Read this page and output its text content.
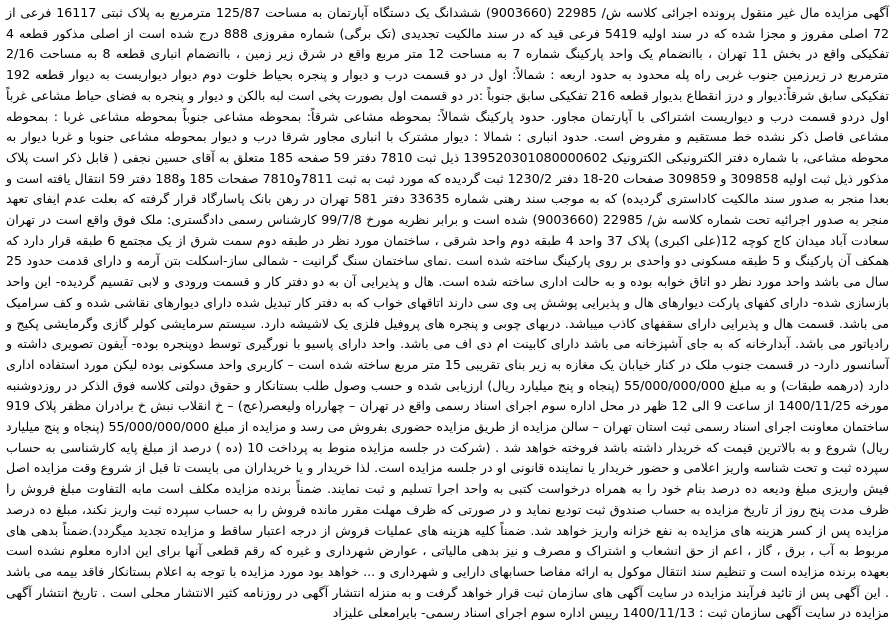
آگهی مزایده مال غیر منقول پرونده اجرائی کلاسه ش/ 22985 (9003660) ششدانگ یک دستگاه آپارتمان به مساحت 125/87 مترمربع به پلاک ثبتی 16117 فرعی از 72 اصلی مفروز و مجزا شده که در سند اولیه 5419 فرعی قید که در سند مالکیت تجدیدی (تک برگی) شماره مفروزی 888 درج شده است از اصلی مذکور قطعه 4 تفکیکی واقع در بخش 11 تهران ، باانضمام یک واحد پارکینگ شماره 7 به مساحت 12 متر مربع واقع در شرق زیر زمین ، باانضمام انباری قطعه 8 به مساحت 2/16 مترمربع در زیرزمین جنوب غربی راه پله محدود به حدود اربعه : شمالاً: اول در دو قسمت درب و دیوار و پنجره بحیاط خلوت دوم دیوار دیواریست به دیوار قطعه 192 تفکیکی سابق شرقاً:دیوار و درز انقطاع بدیوار قطعه 216 تفکیکی سابق جنوباً :در دو قسمت اول بصورت پخی است لبه بالکن و دیوار و پنجره به فضای حیاط مشاعی غرباً اول دردو قسمت درب و دیواریست اشتراکی با آپارتمان مجاور. حدود پارکینگ شمالاً: بمحوطه مشاعی شرقاً: بمحوطه مشاعی جنوباً بمحوطه مشاعی غربا : بمحوطه مشاعی فاصل ذکر نشده خط مستقیم و مفروض است. حدود انباری : شمالا : دیوار مشترک با انباری مجاور شرقا درب و دیوار بمحوطه مشاعی جنوبا و غربا دیوار به محوطه مشاعی، با شماره دفتر الکترونیکی الکترونیک 139520301080000602 ذیل ثبت 7810 دفتر 59 صفحه 185 متعلق به آقای حسین نجفی ( قابل ذکر است پلاک مذکور ذیل ثبت اولیه 309858 و 309859 صفحات 20-18 دفتر 1230/2 ثبت گردیده که مورد ثبت به ثبت 7811و7810 صفحات 185 و188 دفتر 59 انتقال یافته است و بعدا منجر به صدور سند مالکیت کاداستری گردیده) که به موجب سند رهنی شماره 33635 دفتر 581 تهران در رهن بانک پاسارگاد قرار گرفته که بعلت عدم ایفای تعهد منجر به صدور اجرائیه تحت شماره کلاسه ش/ 22985 (9003660) شده است و برابر نظریه مورخ 99/7/8 کارشناس رسمی دادگستری: ملک فوق واقع است در تهران سعادت آباد میدان کاج کوچه 12(علی اکبری) پلاک 37 واحد 4 طبقه دوم واحد شرقی ، ساختمان مورد نظر در طبقه دوم سمت شرق از یک مجتمع 6 طبقه قرار دارد که همکف آن پارکینگ و 5 طبقه مسکونی دو واحدی بر روی پارکینگ ساخته شده است .نمای ساختمان سنگ گرانیت - شمالی ساز-اسکلت بتن آرمه و دارای قدمت حدود 25 سال می باشد واحد مورد نظر دو اتاق خوابه بوده و به حالت اداری ساخته شده است. هال و پذیرایی آن به دو دفتر کار و قسمت ورودی و لابی تقسیم گردیده- این واحد بازسازی شده- دارای کفهای پارکت دیوارهای هال و پذیرایی پوشش پی وی سی دارند اتاقهای خواب که به دفتر کار تبدیل شده دارای دیوارهای نقاشی شده و کف سرامیک می باشد. قسمت هال و پذیرایی دارای سقفهای کاذب میباشد. دربهای چوبی و پنجره های پروفیل فلزی یک لاشیشه دارد. سیستم سرمایشی کولر گازی وگرمایشی پکیج و رادیاتور می باشد. آبدارخانه که به جای آشپزخانه می باشد دارای کابینت ام دی اف می باشد. واحد دارای پاسیو با نورگیری توسط دوپنجره بوده- آیفون تصویری داشته و آسانسور دارد- در قسمت جنوب ملک در کنار خیابان یک مغازه به زیر بنای تقریبی 15 متر مربع ساخته شده است – کاربری واحد مسکونی بوده لیکن مورد استفاده اداری دارد (درهمه طبقات) و به مبلغ 55/000/000/000 (پنجاه و پنج میلیارد ریال) ارزیابی شده و حسب وصول طلب بستانکار و حقوق دولتی کلاسه فوق الذکر در روزدوشنبه مورخه 1400/11/25 از ساعت 9 الی 12 ظهر در محل اداره سوم اجرای اسناد رسمی واقع در تهران – چهارراه ولیعصر(عج) – خ انقلاب نبش خ برادران مظفر پلاک 919 ساختمان معاونت اجرای اسناد رسمی ثبت استان تهران – سالن مزایده از طریق مزایده حضوری بفروش می رسد و مزایده از مبلغ 55/000/000/000 (پنجاه و پنج میلیارد ریال) شروع و به بالاترین قیمت که خریدار داشته باشد فروخته خواهد شد . (شرکت در جلسه مزایده منوط به پرداخت 10 (ده ) درصد از مبلغ پایه کارشناسی به حساب سپرده ثبت و تحت شناسه واریز اعلامی و حضور خریدار یا نماینده قانونی او در جلسه مزایده است. لذا خریدار و یا خریداران می بایست تا قبل از شروع وقت مزایده اصل فیش واریزی مبلغ ودیعه ده درصد بنام خود را به همراه درخواست کتبی به واحد اجرا تسلیم و ثبت نمایند. ضمناً برنده مزایده مکلف است مابه التفاوت مبلغ فروش را ظرف مدت پنج روز از تاریخ مزایده به حساب صندوق ثبت تودیع نماید و در صورتی که ظرف مهلت مقرر مانده فروش را به حساب سپرده ثبت واریز نکند، مبلغ ده درصد مزایده پس از کسر هزینه های مزایده به نفع خزانه واریز خواهد شد. ضمناً کلیه هزینه های عملیات فروش از درجه اعتبار ساقط و مزایده تجدید میگردد).ضمناً بدهی های مربوط به آب ، برق ، گاز ، اعم از حق انشعاب و اشتراک و مصرف و نیز بدهی مالیاتی ، عوارض شهرداری و غیره که رقم قطعی آنها برای این اداره معلوم نشده است بعهده برنده مزایده است و تنظیم سند انتقال موکول به ارائه مفاصا حسابهای دارایی و شهرداری و ... خواهد بود مورد مزایده با توجه به اعلام بستانکار فاقد بیمه می باشد . این آگهی پس از تائید فرآیند مزایده در سایت آگهی های سازمان ثبت قرار خواهد گرفت و به منزله انتشار آگهی در روزنامه کثیر الانتشار محلی است . تاریخ انتشار آگهی مزایده در سایت آگهی سازمان ثبت : 1400/11/13 رییس اداره سوم اجرای اسناد رسمی- بایرامعلی علیزاد
